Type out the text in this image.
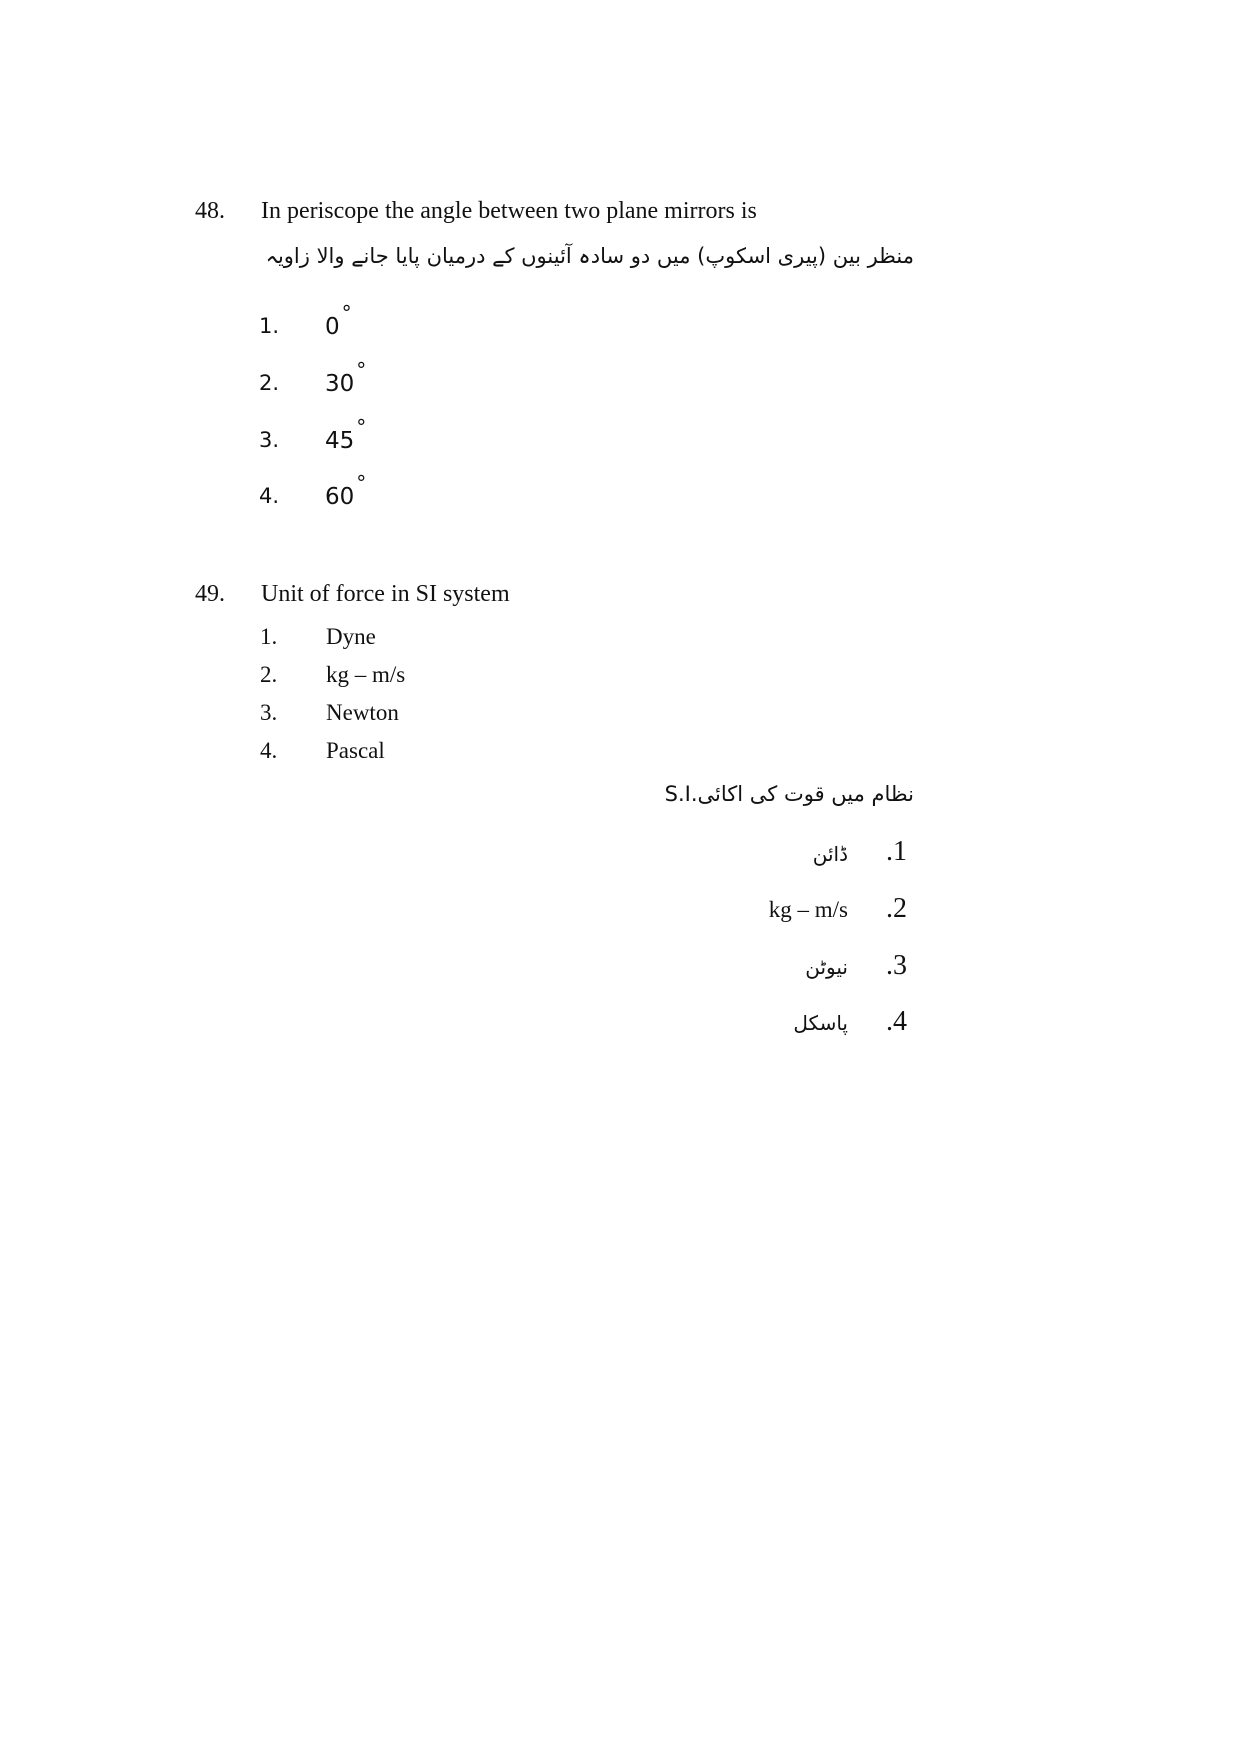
48. In periscope the angle between two plane mirrors is
منظر بین (پیری اسکوپ) میں دو سادہ آئینوں کے درمیان پایا جانے والا زاویہ
1. 0°
2. 30°
3. 45°
4. 60°
49. Unit of force in SI system
1. Dyne
2. kg – m/s
3. Newton
4. Pascal
S.I.نظام میں قوت کی اکائی
.1
ڈائن
.2
kg – m/s
.3
نیوٹن
.4
پاسکل
